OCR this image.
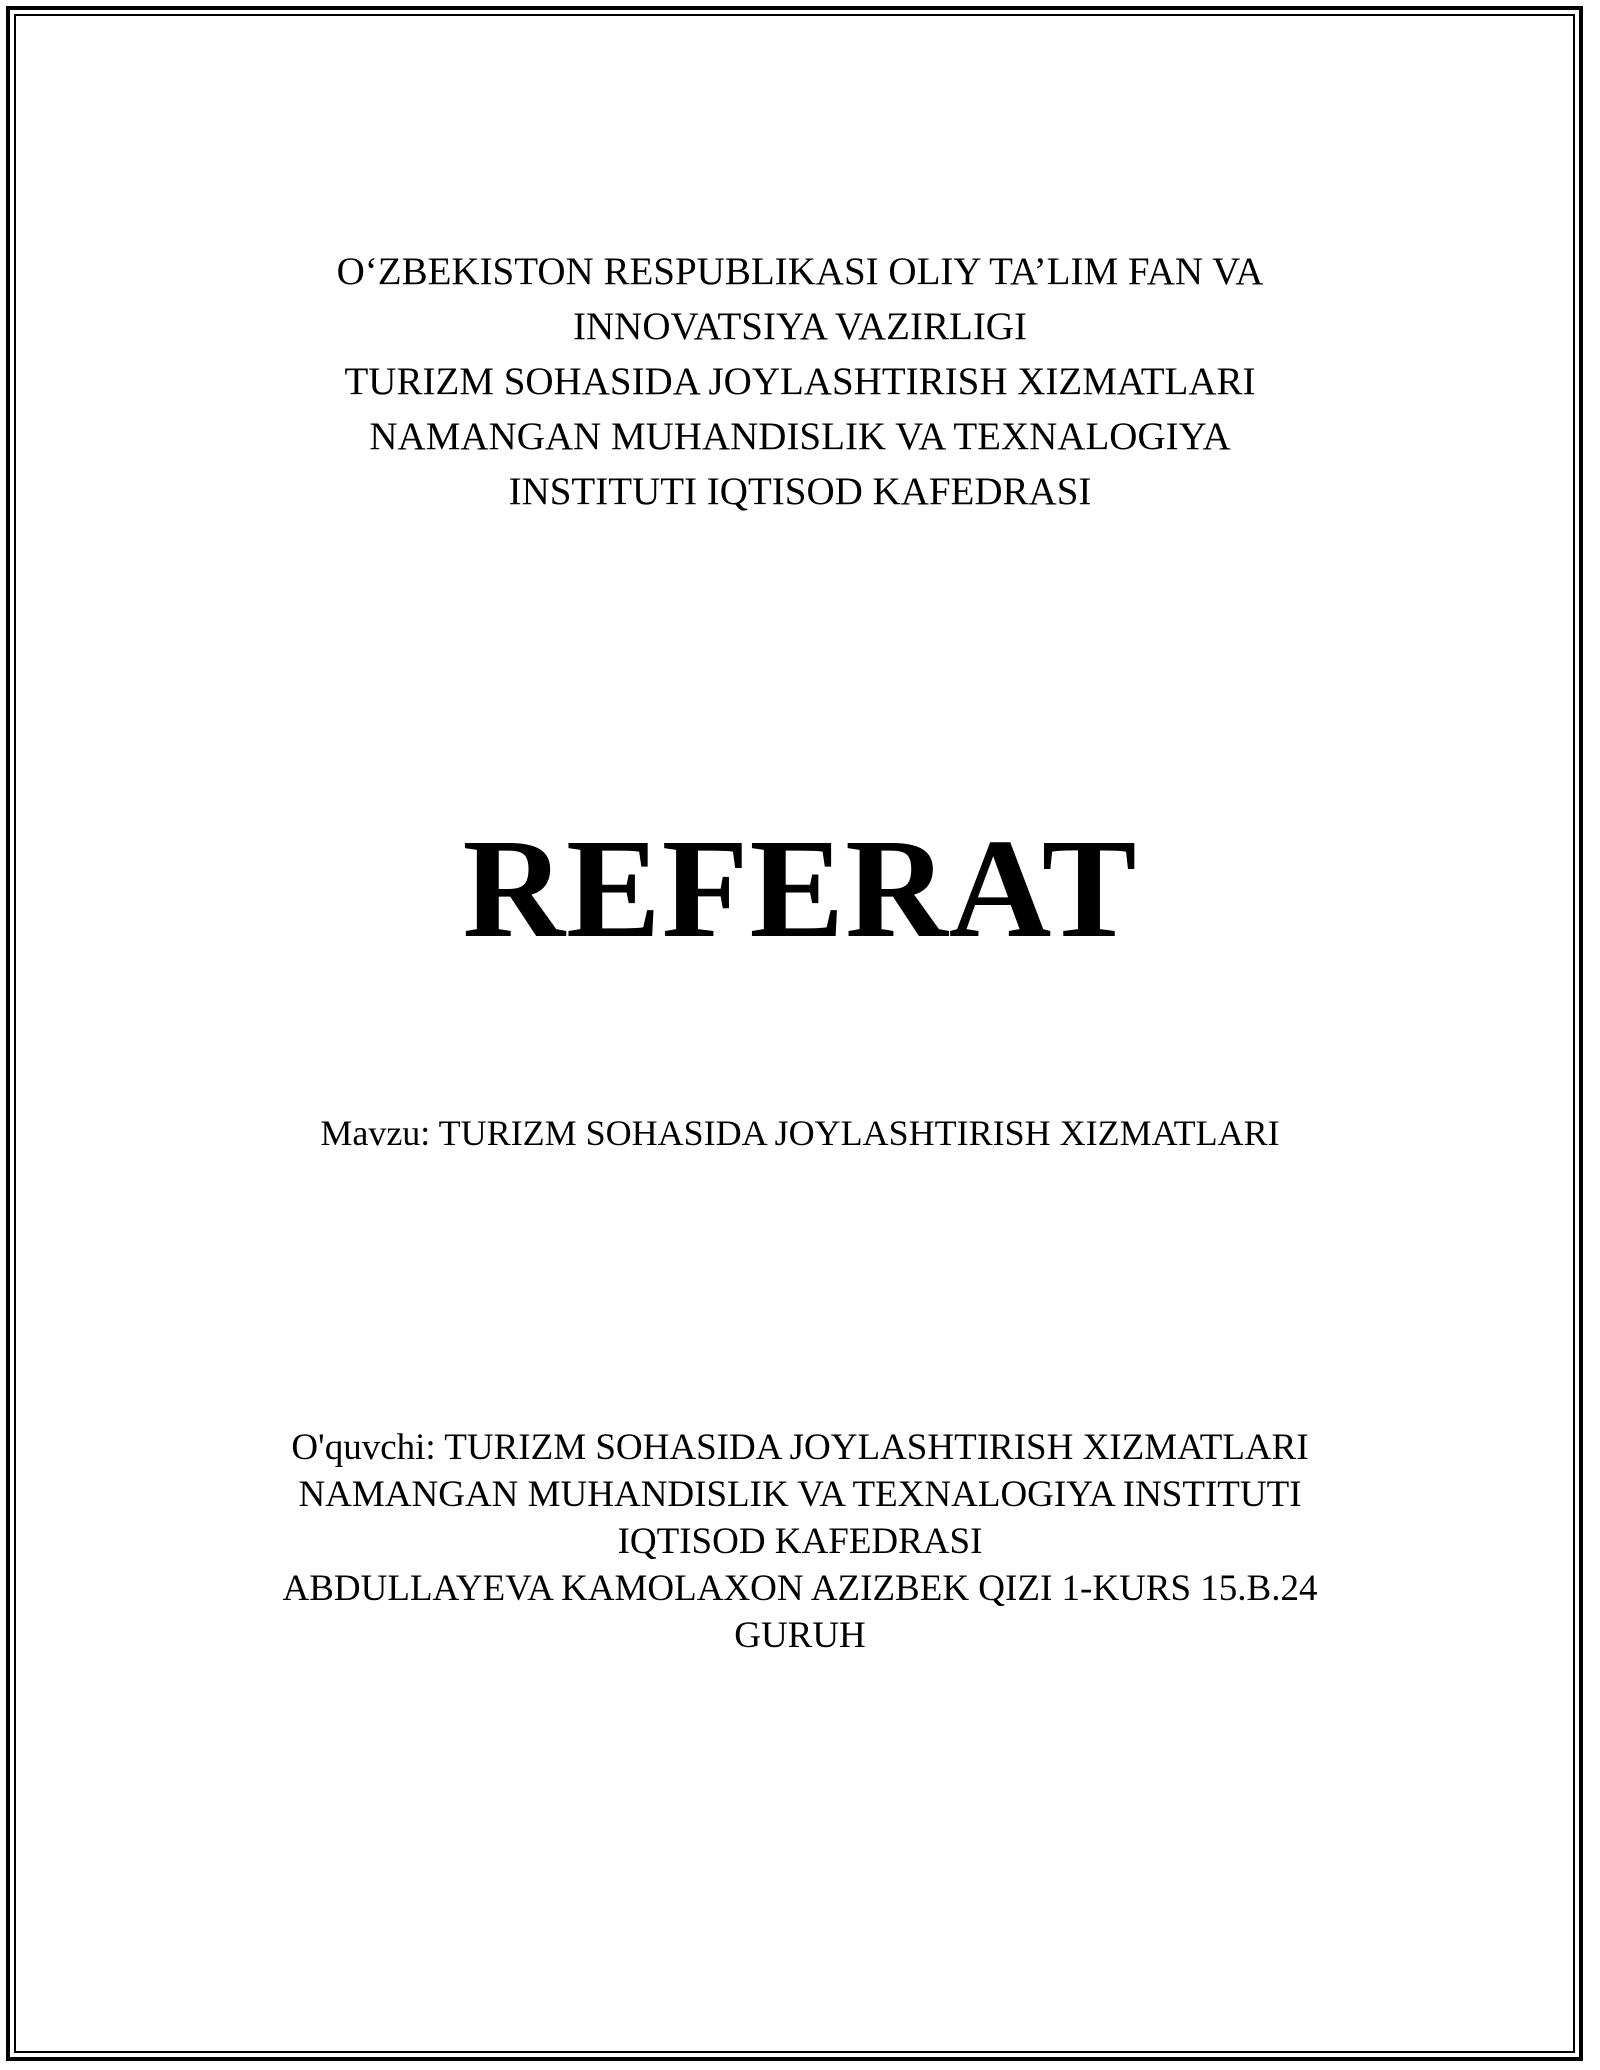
O‘ZBEKISTON RESPUBLIKASI OLIY TA’LIM FAN VA
INNOVATSIYA VAZIRLIGI
TURIZM SOHASIDA JOYLASHTIRISH XIZMATLARI
NAMANGAN MUHANDISLIK VA TEXNALOGIYA
INSTITUTI IQTISOD KAFEDRASI
REFERAT
Mavzu: TURIZM SOHASIDA JOYLASHTIRISH XIZMATLARI
O'quvchi: TURIZM SOHASIDA JOYLASHTIRISH XIZMATLARI
NAMANGAN MUHANDISLIK VA TEXNALOGIYA INSTITUTI
IQTISOD KAFEDRASI
ABDULLAYEVA KAMOLAXON AZIZBEK QIZI 1-KURS 15.B.24
GURUH
